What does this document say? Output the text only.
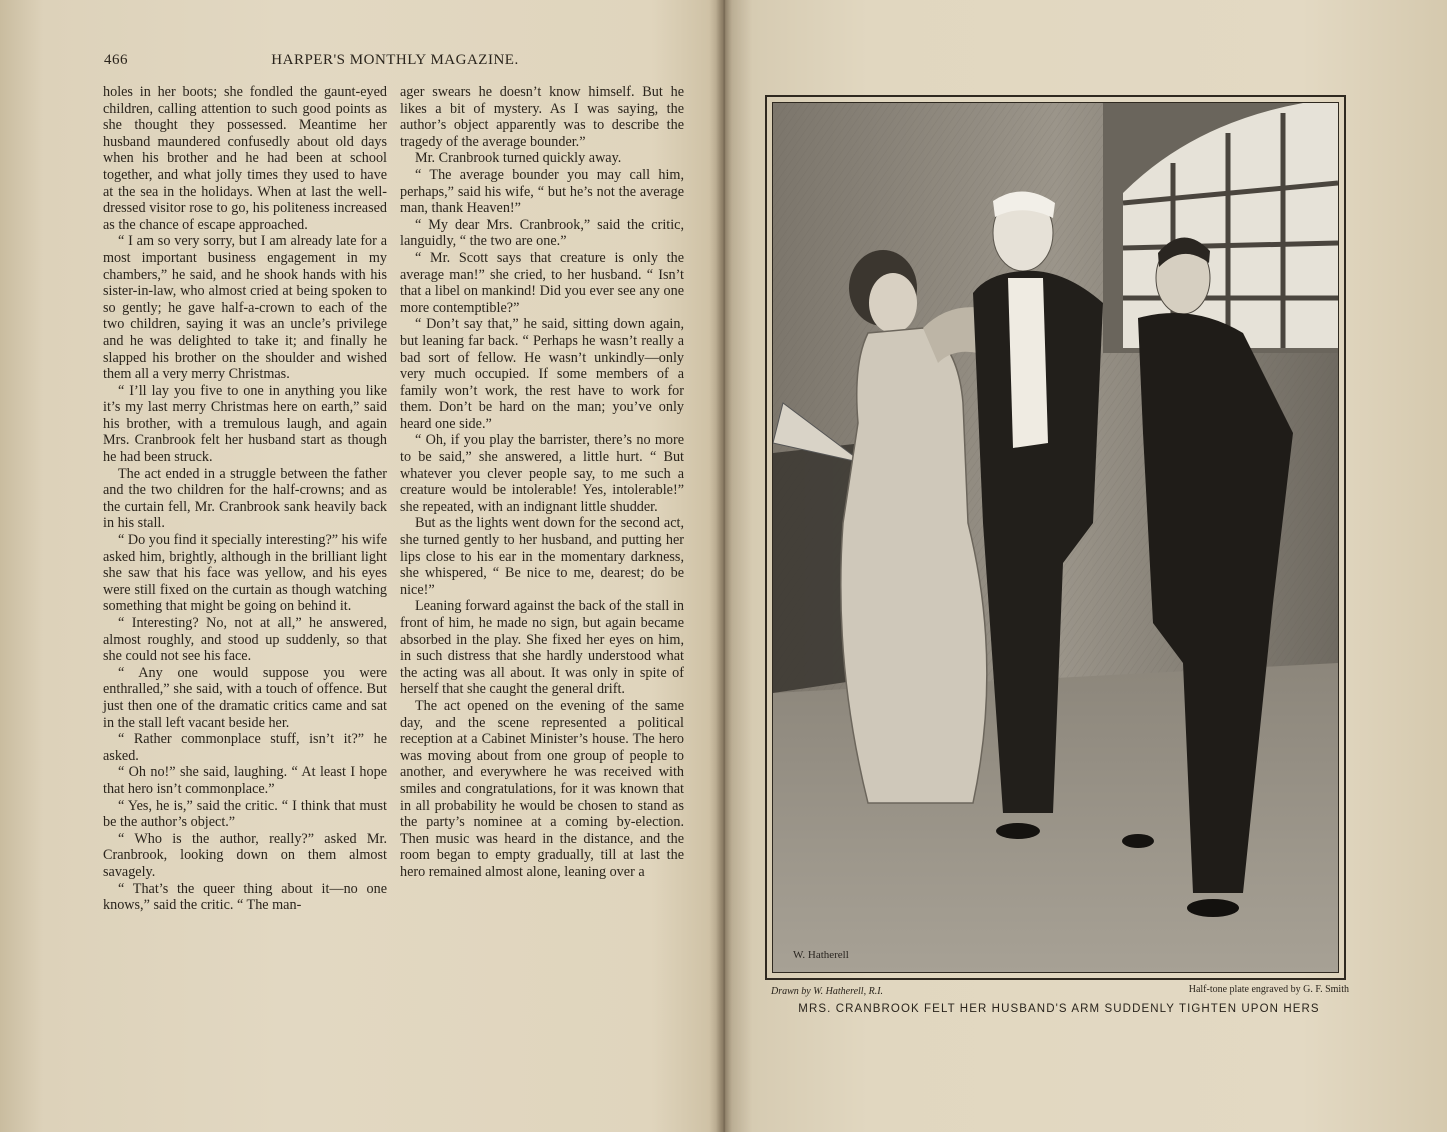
466	HARPER'S MONTHLY MAGAZINE.

holes in her boots; she fondled the gaunt-eyed children, calling attention to such good points as she thought they possessed. Meantime her husband maundered confusedly about old days when his brother and he had been at school together, and what jolly times they used to have at the sea in the holidays. When at last the well-dressed visitor rose to go, his politeness increased as the chance of escape approached.

“ I am so very sorry, but I am already late for a most important business engagement in my chambers,” he said, and he shook hands with his sister-in-law, who almost cried at being spoken to so gently; he gave half-a-crown to each of the two children, saying it was an uncle’s privilege and he was delighted to take it; and finally he slapped his brother on the shoulder and wished them all a very merry Christmas.

“ I’ll lay you five to one in anything you like it’s my last merry Christmas here on earth,” said his brother, with a tremulous laugh, and again Mrs. Cranbrook felt her husband start as though he had been struck.

The act ended in a struggle between the father and the two children for the half-crowns; and as the curtain fell, Mr. Cranbrook sank heavily back in his stall.

“ Do you find it specially interesting?” his wife asked him, brightly, although in the brilliant light she saw that his face was yellow, and his eyes were still fixed on the curtain as though watching something that might be going on behind it.

“ Interesting? No, not at all,” he answered, almost roughly, and stood up suddenly, so that she could not see his face.

“ Any one would suppose you were enthralled,” she said, with a touch of offence. But just then one of the dramatic critics came and sat in the stall left vacant beside her.

“ Rather commonplace stuff, isn’t it?” he asked.

“ Oh no!” she said, laughing. “ At least I hope that hero isn’t commonplace.”

“ Yes, he is,” said the critic. “ I think that must be the author’s object.”

“ Who is the author, really?” asked Mr. Cranbrook, looking down on them almost savagely.

“ That’s the queer thing about it—no one knows,” said the critic. “ The man-

ager swears he doesn’t know himself. But he likes a bit of mystery. As I was saying, the author’s object apparently was to describe the tragedy of the average bounder.”

Mr. Cranbrook turned quickly away.

“ The average bounder you may call him, perhaps,” said his wife, “ but he’s not the average man, thank Heaven!”

“ My dear Mrs. Cranbrook,” said the critic, languidly, “ the two are one.”

“ Mr. Scott says that creature is only the average man!” she cried, to her husband. “ Isn’t that a libel on mankind! Did you ever see any one more contemptible?”

“ Don’t say that,” he said, sitting down again, but leaning far back. “ Perhaps he wasn’t really a bad sort of fellow. He wasn’t unkindly—only very much occupied. If some members of a family won’t work, the rest have to work for them. Don’t be hard on the man; you’ve only heard one side.”

“ Oh, if you play the barrister, there’s no more to be said,” she answered, a little hurt. “ But whatever you clever people say, to me such a creature would be intolerable! Yes, intolerable!” she repeated, with an indignant little shudder.

But as the lights went down for the second act, she turned gently to her husband, and putting her lips close to his ear in the momentary darkness, she whispered, “ Be nice to me, dearest; do be nice!”

Leaning forward against the back of the stall in front of him, he made no sign, but again became absorbed in the play. She fixed her eyes on him, in such distress that she hardly understood what the acting was all about. It was only in spite of herself that she caught the general drift.

The act opened on the evening of the same day, and the scene represented a political reception at a Cabinet Minister’s house. The hero was moving about from one group of people to another, and everywhere he was received with smiles and congratulations, for it was known that in all probability he would be chosen to stand as the party’s nominee at a coming by-election. Then music was heard in the distance, and the room began to empty gradually, till at last the hero remained almost alone, leaning over a

W. Hatherell
Drawn by W. Hatherell, R.I.	Half-tone plate engraved by G. F. Smith
MRS. CRANBROOK FELT HER HUSBAND'S ARM SUDDENLY TIGHTEN UPON HERS
